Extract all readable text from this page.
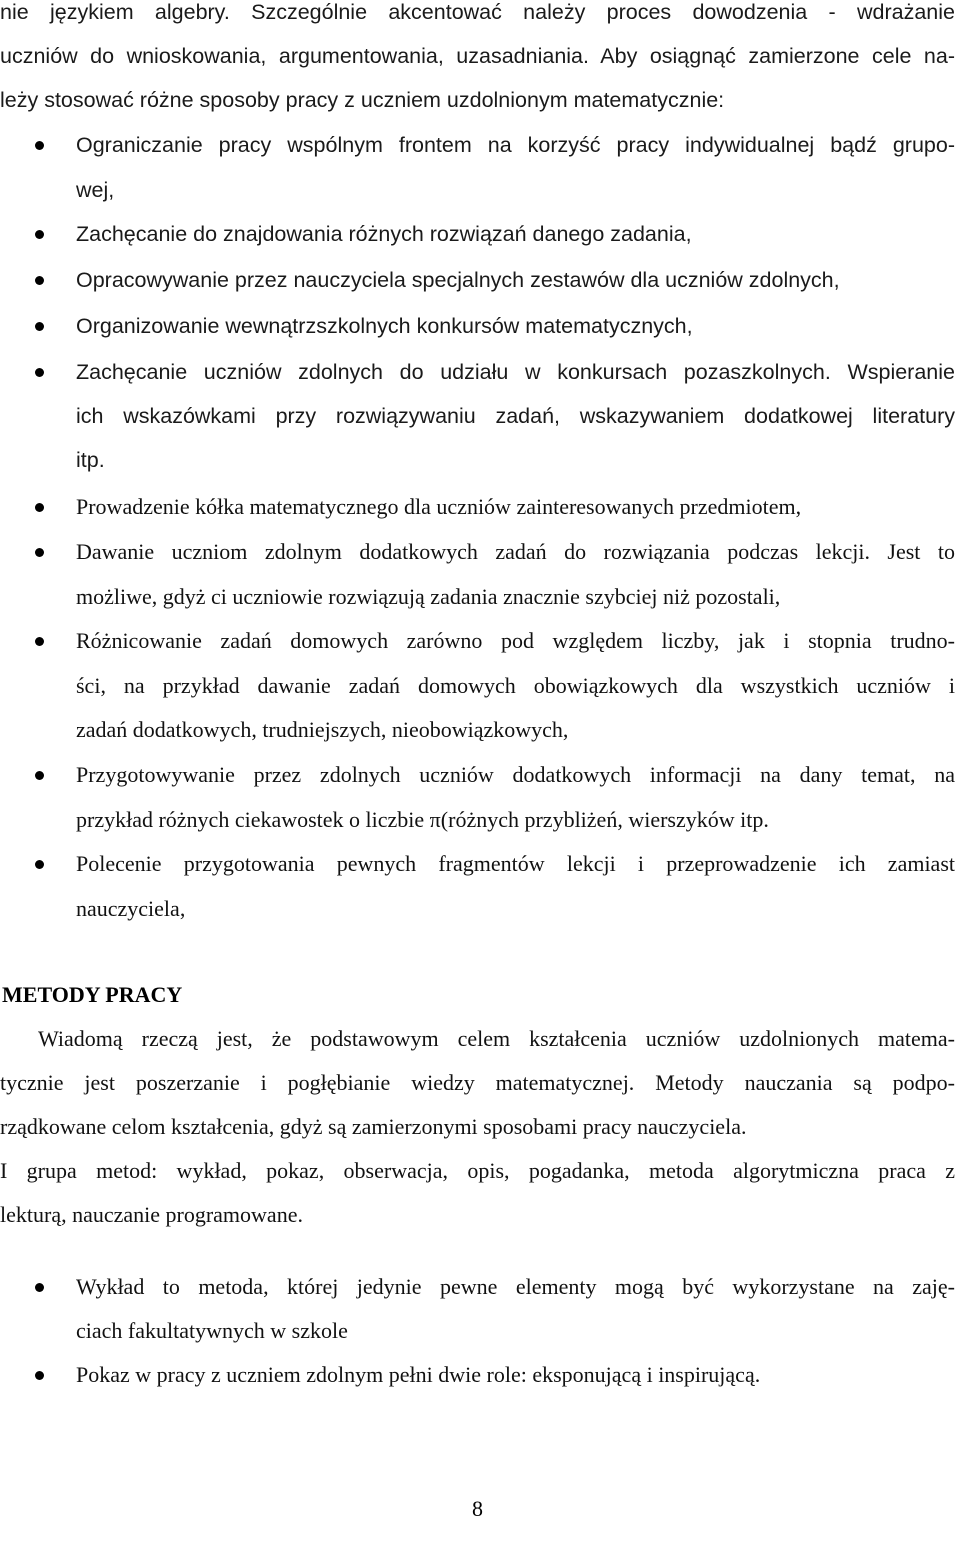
nie językiem algebry. Szczególnie akcentować należy proces dowodzenia - wdrażanie
uczniów do wnioskowania, argumentowania, uzasadniania. Aby osiągnąć zamierzone cele na-
leży stosować różne sposoby pracy z uczniem uzdolnionym matematycznie:
Ograniczanie pracy wspólnym frontem na korzyść pracy indywidualnej bądź grupo-
wej,
Zachęcanie do znajdowania różnych rozwiązań danego zadania,
Opracowywanie przez nauczyciela specjalnych zestawów dla uczniów zdolnych,
Organizowanie wewnątrzszkolnych konkursów matematycznych,
Zachęcanie uczniów zdolnych do udziału w konkursach pozaszkolnych. Wspieranie
ich wskazówkami przy rozwiązywaniu zadań, wskazywaniem dodatkowej literatury
itp.
Prowadzenie kółka matematycznego dla uczniów zainteresowanych przedmiotem,
Dawanie uczniom zdolnym dodatkowych zadań do rozwiązania podczas lekcji. Jest to
możliwe, gdyż ci uczniowie rozwiązują zadania znacznie szybciej niż pozostali,
Różnicowanie zadań domowych zarówno pod względem liczby, jak i stopnia trudno-
ści, na przykład dawanie zadań domowych obowiązkowych dla wszystkich uczniów i
zadań dodatkowych, trudniejszych, nieobowiązkowych,
Przygotowywanie przez zdolnych uczniów dodatkowych informacji na dany temat, na
przykład różnych ciekawostek o liczbie π(różnych przybliżeń, wierszyków itp.
Polecenie przygotowania pewnych fragmentów lekcji i przeprowadzenie ich zamiast
nauczyciela,
METODY PRACY
Wiadomą rzeczą jest, że podstawowym celem kształcenia uczniów uzdolnionych matema-
tycznie jest poszerzanie i pogłębianie wiedzy matematycznej. Metody nauczania są podpo-
rządkowane celom kształcenia, gdyż są zamierzonymi sposobami pracy nauczyciela.
I grupa metod: wykład, pokaz, obserwacja, opis, pogadanka, metoda algorytmiczna praca z
lekturą, nauczanie programowane.
Wykład to metoda, której jedynie pewne elementy mogą być wykorzystane na zaję-
ciach fakultatywnych w szkole
Pokaz w pracy z uczniem zdolnym pełni dwie role: eksponującą i inspirującą.
8
